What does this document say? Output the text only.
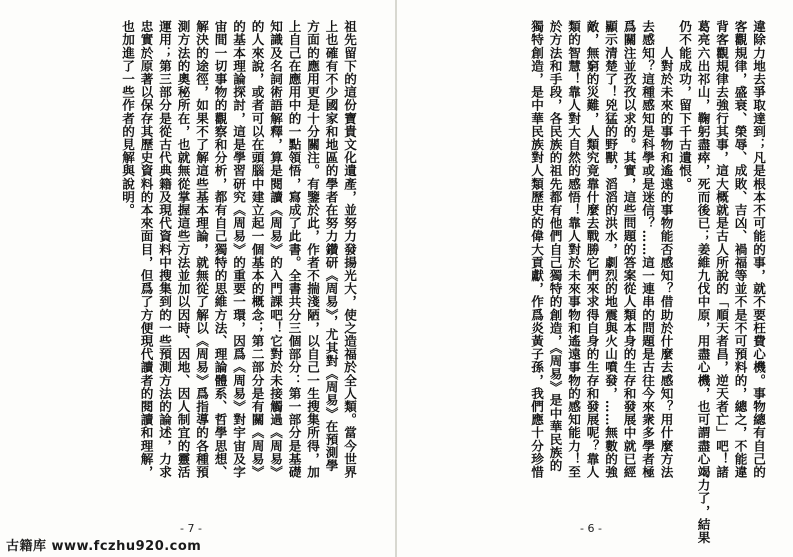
祖先留下的這份寶貴文化遺產，並努力發揚光大，使之造福於全人類。當今世界
上也確有不少國家和地區的學者在努力鑽研《周易》，尤其對《周易》在預測學
方面的應用更是十分關注。有鑒於此，作者不揣淺陋，以自己一生搜集所得，加
上自己在應用中的一點領悟，寫成了此書。全書共分三個部分：第一部分是基礎
知識及名詞術語解釋，算是閱讀《周易》的入門課吧！它對於未接觸過《周易》
的人來說，或者可以在頭腦中建立起一個基本的概念；第二部分是有關《周易》
的基本理論探討，這是學習研究《周易》的重要一環，因爲《周易》對宇宙及字
宙間一切事物的觀察和分析，都有自己獨特的思維方法、理論體系、哲學思想、
解決的途徑，如果不了解這些基本理論，就無從了解以《周易》爲指導的各種預
測方法的奧秘所在，也就無從掌握這些方法並加以因時、因地、因人制宜的靈活
運用；第三部分是從古代典籍及現代資料中搜集到的一些預測方法的論述，力求
忠實於原著以保存其歷史資料的本來面目，但爲了方便現代讀者的閱讀和理解，
也加進了一些作者的見解與說明。
- 7 -
違除力地去爭取達到；凡是根本不可能的事，就不要枉費心機。事物總有自己的
客觀規律，盛衰、榮辱、成敗、吉凶、禍福等並不是不可預料的，總之，不能違
背客觀規律去強行其事，這大概就是古人所說的「順天者昌，逆天者亡」吧！諸
葛亮六出祁山，鞠躬盡瘁，死而後已；姜維九伐中原，用盡心機，也可謂盡心竭力了，結果
仍不能成功，留下千古遺恨。
　　人對於未來的事物和遙遠的事物能否感知？借助於什麼去感知？用什麼方法
去感知？這種感知是科學或是迷信？……這一連串的問題是古往今來衆多學者極
爲關注並孜孜以求的。其實，這些問題的答案從人類本身的生存和發展中就已經
顯示清楚了！兇猛的野獸，滔滔的洪水，劇烈的地震與火山噴發，……無數的強
敵，無窮的災難，人類究竟靠什麼去戰勝它們來求得自身的生存和發展呢？靠人
類的智慧！靠人對大自然的感悟！靠人對於未來事物和遙遠事物的感知能力！至
於方法和手段，各民族的祖先都有他們自己獨特的創造，《周易》是中華民族的
獨特創造，是中華民族對人類歷史的偉大貢獻，作爲炎黃子孫，我們應十分珍惜
- 6 -
古籍库 www.fczhu920.com
